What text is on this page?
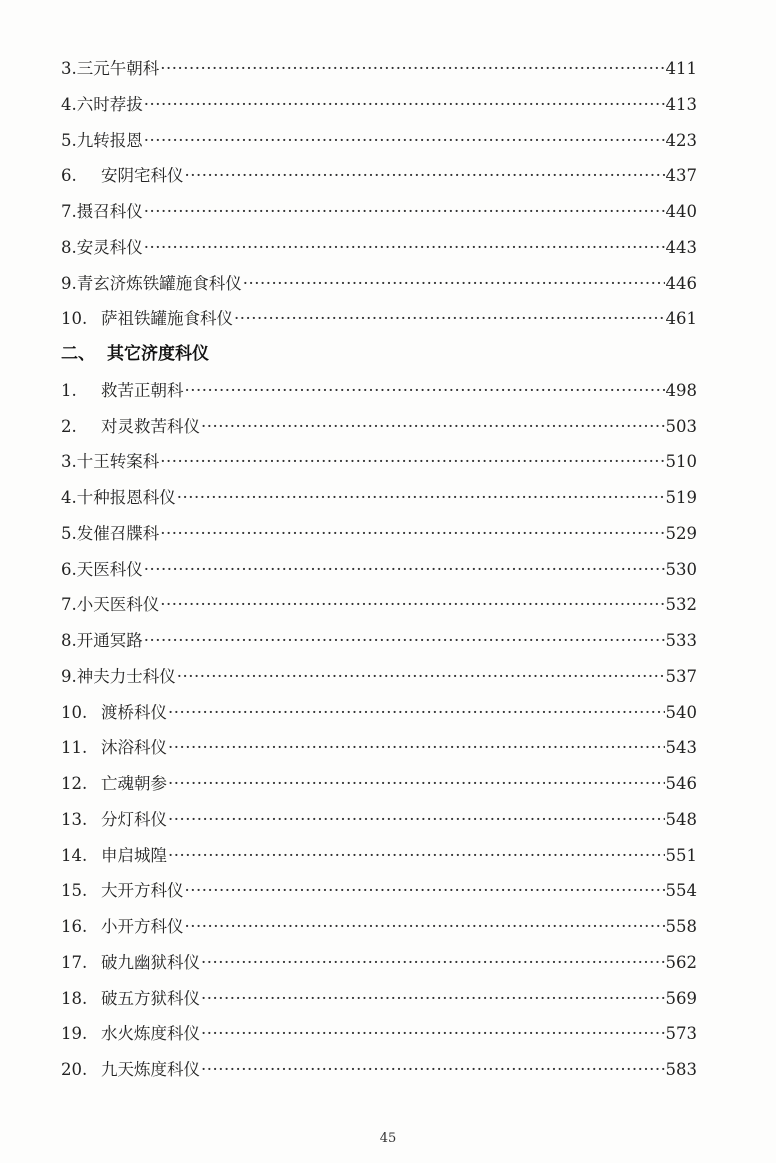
3. 三元午朝科 ·····	411
4. 六时荐拔 ·····	413
5. 九转报恩 ·····	423
6.	安阴宅科仪 ·····	437
7. 摄召科仪 ·····	440
8. 安灵科仪 ·····	443
9. 青玄济炼铁罐施食科仪 ·····	446
10. 萨祖铁罐施食科仪 ·····	461
二、 其它济度科仪
1.	救苦正朝科 ·····	498
2.	对灵救苦科仪 ·····	503
3. 十王转案科 ·····	510
4. 十种报恩科仪 ·····	519
5. 发催召牒科 ·····	529
6. 天医科仪 ·····	530
7. 小天医科仪 ·····	532
8. 开通冥路 ·····	533
9. 神夫力士科仪 ·····	537
10. 渡桥科仪 ·····	540
11. 沐浴科仪 ·····	543
12. 亡魂朝参 ·····	546
13. 分灯科仪 ·····	548
14. 申启城隍 ·····	551
15. 大开方科仪 ·····	554
16. 小开方科仪 ·····	558
17. 破九幽狱科仪 ·····	562
18. 破五方狱科仪 ·····	569
19. 水火炼度科仪 ·····	573
20. 九天炼度科仪 ·····	583
45
